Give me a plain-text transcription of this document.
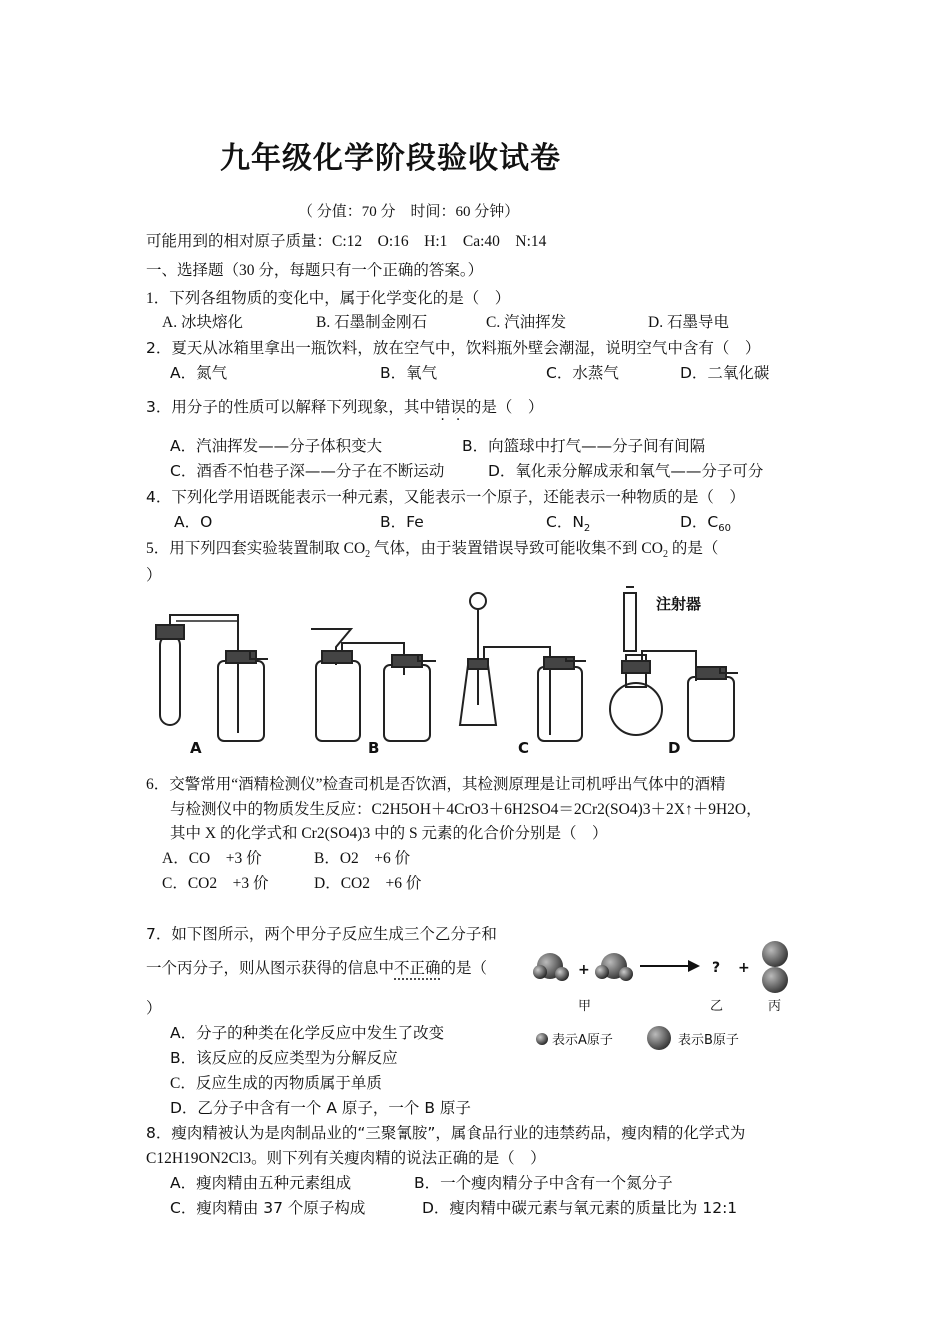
九年级化学阶段验收试卷
（ 分值：70 分　时间：60 分钟）
可能用到的相对原子质量：C:12　O:16　H:1　Ca:40　N:14
一、选择题（30 分，每题只有一个正确的答案。）
1．下列各组物质的变化中，属于化学变化的是（　）
A. 冰块熔化	B. 石墨制金刚石	C. 汽油挥发	D. 石墨导电
2．夏天从冰箱里拿出一瓶饮料，放在空气中，饮料瓶外壁会潮湿，说明空气中含有（　）
A．氮气	B．氧气	C．水蒸气	D．二氧化碳
3．用分子的性质可以解释下列现象，其中错误的是（　）
A．汽油挥发——分子体积变大	B．向篮球中打气——分子间有间隔
C．酒香不怕巷子深——分子在不断运动	D．氧化汞分解成汞和氧气——分子可分
4．下列化学用语既能表示一种元素，又能表示一个原子，还能表示一种物质的是（　）
A．O	B．Fe	C．$N_2$	D．$C_{60}$
5．用下列四套实验装置制取 $CO_2$ 气体，由于装置错误导致可能收集不到 $CO_2$ 的是（
）
注射器
A	B	C	D
6．交警常用“酒精检测仪”检查司机是否饮酒，其检测原理是让司机呼出气体中的酒精
与检测仪中的物质发生反应：C2H5OH＋4CrO3＋6H2SO4＝2Cr2(SO4)3＋2X↑＋9H2O，
其中 X 的化学式和 Cr2(SO4)3 中的 S 元素的化合价分别是（　）
A．CO　+3 价	B．O2　+6 价
C．CO2　+3 价	D．CO2　+6 价
7．如下图所示，两个甲分子反应生成三个乙分子和
一个丙分子，则从图示获得的信息中不正确的是（
）
A．分子的种类在化学反应中发生了改变
B．该反应的反应类型为分解反应
C．反应生成的丙物质属于单质
D．乙分子中含有一个 A 原子，一个 B 原子
+	? +
甲	乙	丙
表示A原子	表示B原子
8．瘦肉精被认为是肉制品业的“三聚氰胺”，属食品行业的违禁药品，瘦肉精的化学式为
C12H19ON2Cl3。则下列有关瘦肉精的说法正确的是（　）
A．瘦肉精由五种元素组成	B．一个瘦肉精分子中含有一个氮分子
C．瘦肉精由 37 个原子构成	D．瘦肉精中碳元素与氧元素的质量比为 12:1
